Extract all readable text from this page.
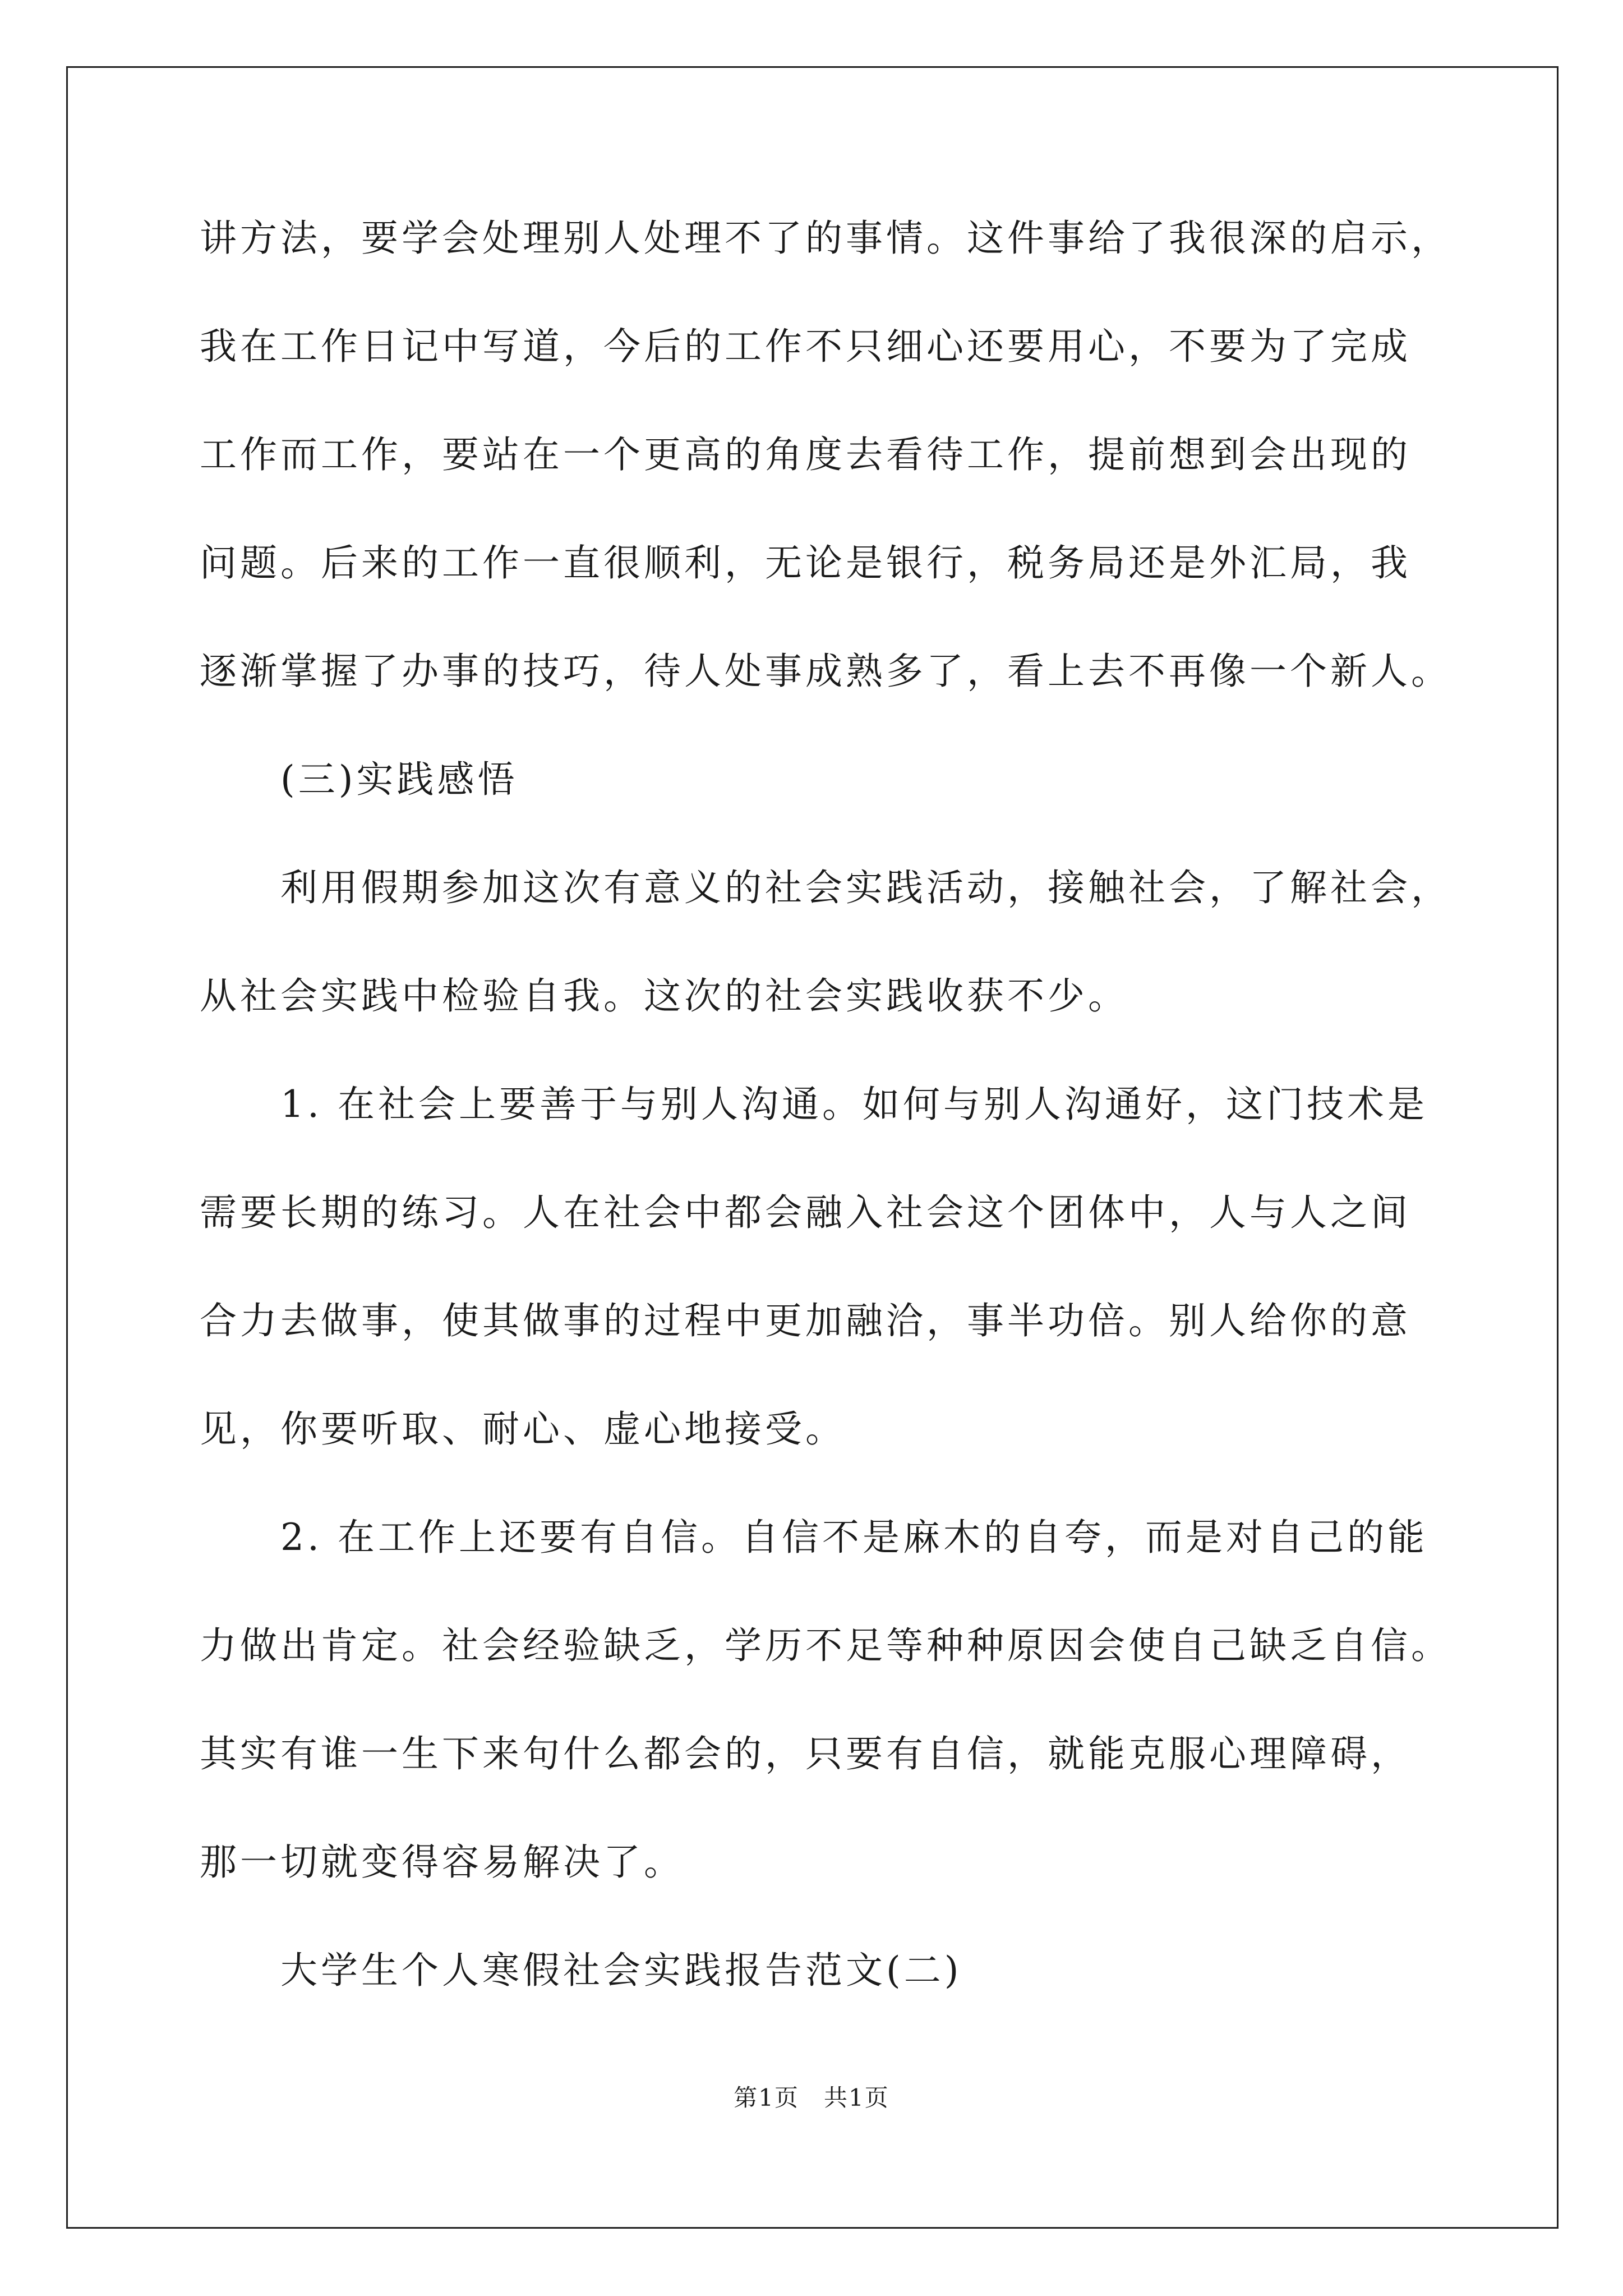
讲方法，要学会处理别人处理不了的事情。这件事给了我很深的启示，
我在工作日记中写道，今后的工作不只细心还要用心，不要为了完成
工作而工作，要站在一个更高的角度去看待工作，提前想到会出现的
问题。后来的工作一直很顺利，无论是银行，税务局还是外汇局，我
逐渐掌握了办事的技巧，待人处事成熟多了，看上去不再像一个新人。
(三)实践感悟
利用假期参加这次有意义的社会实践活动，接触社会，了解社会，
从社会实践中检验自我。这次的社会实践收获不少。
1. 在社会上要善于与别人沟通。如何与别人沟通好，这门技术是
需要长期的练习。人在社会中都会融入社会这个团体中，人与人之间
合力去做事，使其做事的过程中更加融洽，事半功倍。别人给你的意
见，你要听取、耐心、虚心地接受。
2. 在工作上还要有自信。自信不是麻木的自夸，而是对自己的能
力做出肯定。社会经验缺乏，学历不足等种种原因会使自己缺乏自信。
其实有谁一生下来句什么都会的，只要有自信，就能克服心理障碍，
那一切就变得容易解决了。
大学生个人寒假社会实践报告范文(二)
第1页　共1页
